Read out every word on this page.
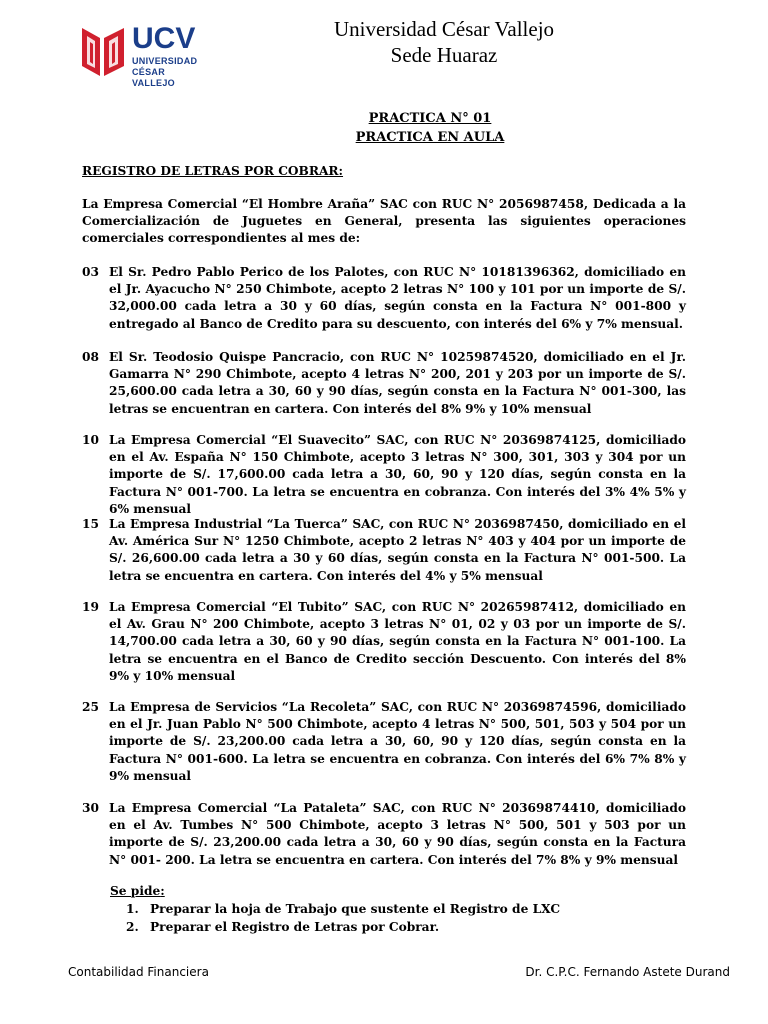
UCV
UNIVERSIDAD
CÉSAR VALLEJO
Universidad César Vallejo
Sede Huaraz
PRACTICA N° 01
PRACTICA EN AULA
REGISTRO DE LETRAS POR COBRAR:
La Empresa Comercial “El Hombre Araña” SAC con RUC N° 2056987458, Dedicada a la Comercialización de Juguetes en General, presenta las siguientes operaciones comerciales correspondientes al mes de:
03 El Sr. Pedro Pablo Perico de los Palotes, con RUC N° 10181396362, domiciliado en el Jr. Ayacucho N° 250 Chimbote, acepto 2 letras N° 100 y 101 por un importe de S/. 32,000.00 cada letra a 30 y 60 días, según consta en la Factura N° 001-800 y entregado al Banco de Credito para su descuento, con interés del 6% y 7% mensual.
08 El Sr. Teodosio Quispe Pancracio, con RUC N° 10259874520, domiciliado en el Jr. Gamarra N° 290 Chimbote, acepto 4 letras N° 200, 201 y 203 por un importe de S/. 25,600.00 cada letra a 30, 60 y 90 días, según consta en la Factura N° 001-300, las letras se encuentran en cartera. Con interés del 8% 9% y 10% mensual
10 La Empresa Comercial “El Suavecito” SAC, con RUC N° 20369874125, domiciliado en el Av. España N° 150 Chimbote, acepto 3 letras N° 300, 301, 303 y 304 por un importe de S/. 17,600.00 cada letra a 30, 60, 90 y 120 días, según consta en la Factura N° 001-700. La letra se encuentra en cobranza. Con interés del 3% 4% 5% y 6% mensual
15 La Empresa Industrial “La Tuerca” SAC, con RUC N° 2036987450, domiciliado en el Av. América Sur N° 1250 Chimbote, acepto 2 letras N° 403 y 404 por un importe de S/. 26,600.00 cada letra a 30 y 60 días, según consta en la Factura N° 001-500. La letra se encuentra en cartera. Con interés del 4% y 5% mensual
19 La Empresa Comercial “El Tubito” SAC, con RUC N° 20265987412, domiciliado en el Av. Grau N° 200 Chimbote, acepto 3 letras N° 01, 02 y 03 por un importe de S/. 14,700.00 cada letra a 30, 60 y 90 días, según consta en la Factura N° 001-100. La letra se encuentra en el Banco de Credito sección Descuento. Con interés del 8% 9% y 10% mensual
25 La Empresa de Servicios “La Recoleta” SAC, con RUC N° 20369874596, domiciliado en el Jr. Juan Pablo N° 500 Chimbote, acepto 4 letras N° 500, 501, 503 y 504 por un importe de S/. 23,200.00 cada letra a 30, 60, 90 y 120 días, según consta en la Factura N° 001-600. La letra se encuentra en cobranza. Con interés del 6% 7% 8% y 9% mensual
30 La Empresa Comercial “La Pataleta” SAC, con RUC N° 20369874410, domiciliado en el Av. Tumbes N° 500 Chimbote, acepto 3 letras N° 500, 501 y 503 por un importe de S/. 23,200.00 cada letra a 30, 60 y 90 días, según consta en la Factura N° 001- 200. La letra se encuentra en cartera. Con interés del 7% 8% y 9% mensual
Se pide:
1. Preparar la hoja de Trabajo que sustente el Registro de LXC
2. Preparar el Registro de Letras por Cobrar.
Contabilidad Financiera	Dr. C.P.C. Fernando Astete Durand
